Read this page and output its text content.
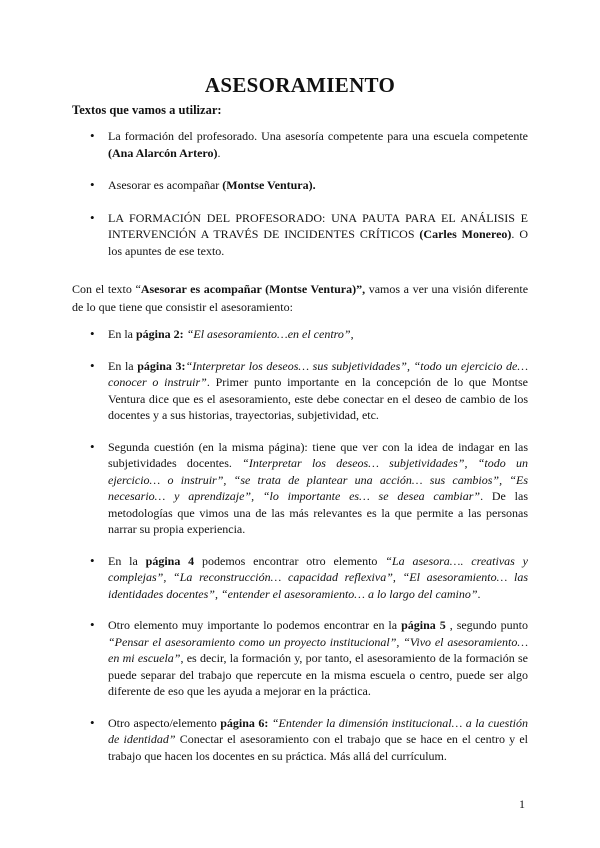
ASESORAMIENTO
Textos que vamos a utilizar:
• La formación del profesorado. Una asesoría competente para una escuela competente (Ana Alarcón Artero).
• Asesorar es acompañar (Montse Ventura).
• LA FORMACIÓN DEL PROFESORADO: UNA PAUTA PARA EL ANÁLISIS E INTERVENCIÓN A TRAVÉS DE INCIDENTES CRÍTICOS (Carles Monereo). O los apuntes de ese texto.

Con el texto “Asesorar es acompañar (Montse Ventura)”, vamos a ver una visión diferente de lo que tiene que consistir el asesoramiento:

• En la página 2: “El asesoramiento…en el centro”,
• En la página 3:“Interpretar los deseos… sus subjetividades”, “todo un ejercicio de…conocer o instruir”. Primer punto importante en la concepción de lo que Montse Ventura dice que es el asesoramiento, este debe conectar en el deseo de cambio de los docentes y a sus historias, trayectorias, subjetividad, etc.
• Segunda cuestión (en la misma página): tiene que ver con la idea de indagar en las subjetividades docentes. “Interpretar los deseos… subjetividades”, “todo un ejercicio… o instruir”, “se trata de plantear una acción… sus cambios”, “Es necesario… y aprendizaje”, “lo importante es… se desea cambiar”. De las metodologías que vimos una de las más relevantes es la que permite a las personas narrar su propia experiencia.
• En la página 4 podemos encontrar otro elemento “La asesora…. creativas y complejas”, “La reconstrucción… capacidad reflexiva”, “El asesoramiento… las identidades docentes”, “entender el asesoramiento… a lo largo del camino”.
• Otro elemento muy importante lo podemos encontrar en la página 5 , segundo punto “Pensar el asesoramiento como un proyecto institucional”, “Vivo el asesoramiento… en mi escuela”, es decir, la formación y, por tanto, el asesoramiento de la formación se puede separar del trabajo que repercute en la misma escuela o centro, puede ser algo diferente de eso que les ayuda a mejorar en la práctica.
• Otro aspecto/elemento página 6: “Entender la dimensión institucional… a la cuestión de identidad” Conectar el asesoramiento con el trabajo que se hace en el centro y el trabajo que hacen los docentes en su práctica. Más allá del currículum.
1
